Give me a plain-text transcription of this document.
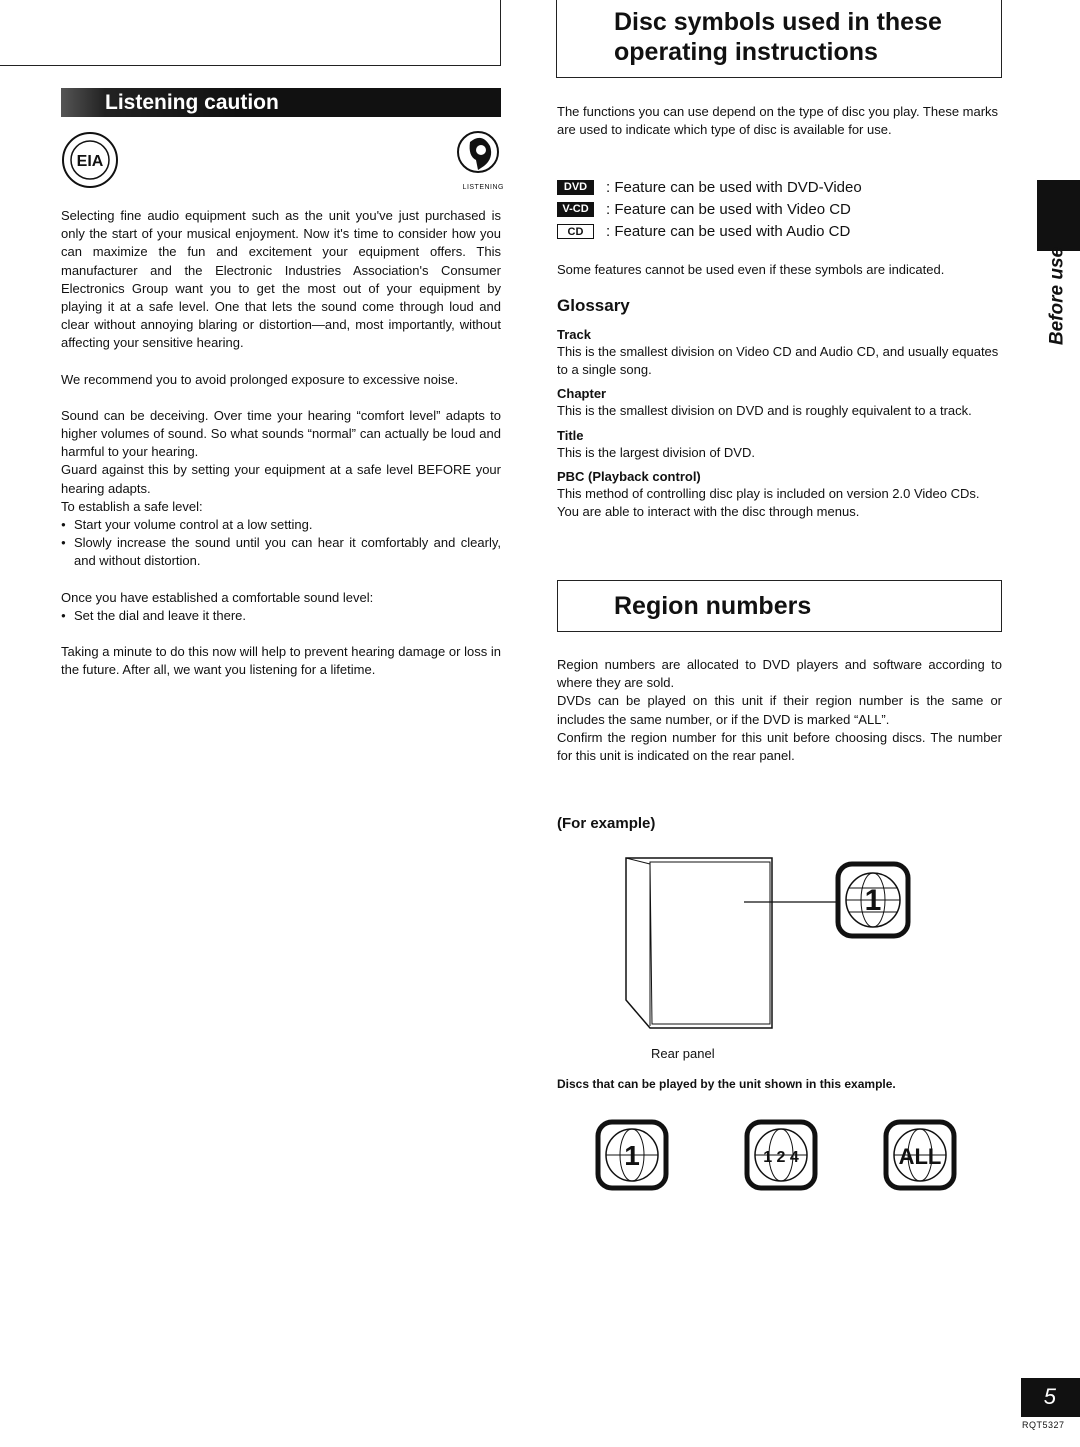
Listening caution
EIA
LISTENING

Selecting fine audio equipment such as the unit you've just purchased is only the start of your musical enjoyment. Now it's time to consider how you can maximize the fun and excitement your equipment offers. This manufacturer and the Electronic Industries Association's Consumer Electronics Group want you to get the most out of your equipment by playing it at a safe level. One that lets the sound come through loud and clear without annoying blaring or distortion—and, most importantly, without affecting your sensitive hearing.

We recommend you to avoid prolonged exposure to excessive noise.

Sound can be deceiving. Over time your hearing “comfort level” adapts to higher volumes of sound. So what sounds “normal” can actually be loud and harmful to your hearing.

Guard against this by setting your equipment at a safe level BEFORE your hearing adapts.

To establish a safe level:

● Start your volume control at a low setting.
● Slowly increase the sound until you can hear it comfortably and clearly, and without distortion.

Once you have established a comfortable sound level:

● Set the dial and leave it there.

Taking a minute to do this now will help to prevent hearing damage or loss in the future. After all, we want you listening for a lifetime.

Disc symbols used in these
operating instructions
The functions you can use depend on the type of disc you play. These marks are used to indicate which type of disc is available for use.
DVD	: Feature can be used with DVD-Video
V-CD	: Feature can be used with Video CD
CD	: Feature can be used with Audio CD
Some features cannot be used even if these symbols are indicated.
Glossary
Track

This is the smallest division on Video CD and Audio CD, and usually equates to a single song.

Chapter

This is the smallest division on DVD and is roughly equivalent to a track.

Title

This is the largest division of DVD.

PBC (Playback control)

This method of controlling disc play is included on version 2.0 Video CDs. You are able to interact with the disc through menus.

Region numbers

Region numbers are allocated to DVD players and software according to where they are sold.

DVDs can be played on this unit if their region number is the same or includes the same number, or if the DVD is marked “ALL”.

Confirm the region number for this unit before choosing discs. The number for this unit is indicated on the rear panel.

(For example)
1
Rear panel
Discs that can be played by the unit shown in this example.
1	1 2 4	ALL
Before use
5
RQT5327
